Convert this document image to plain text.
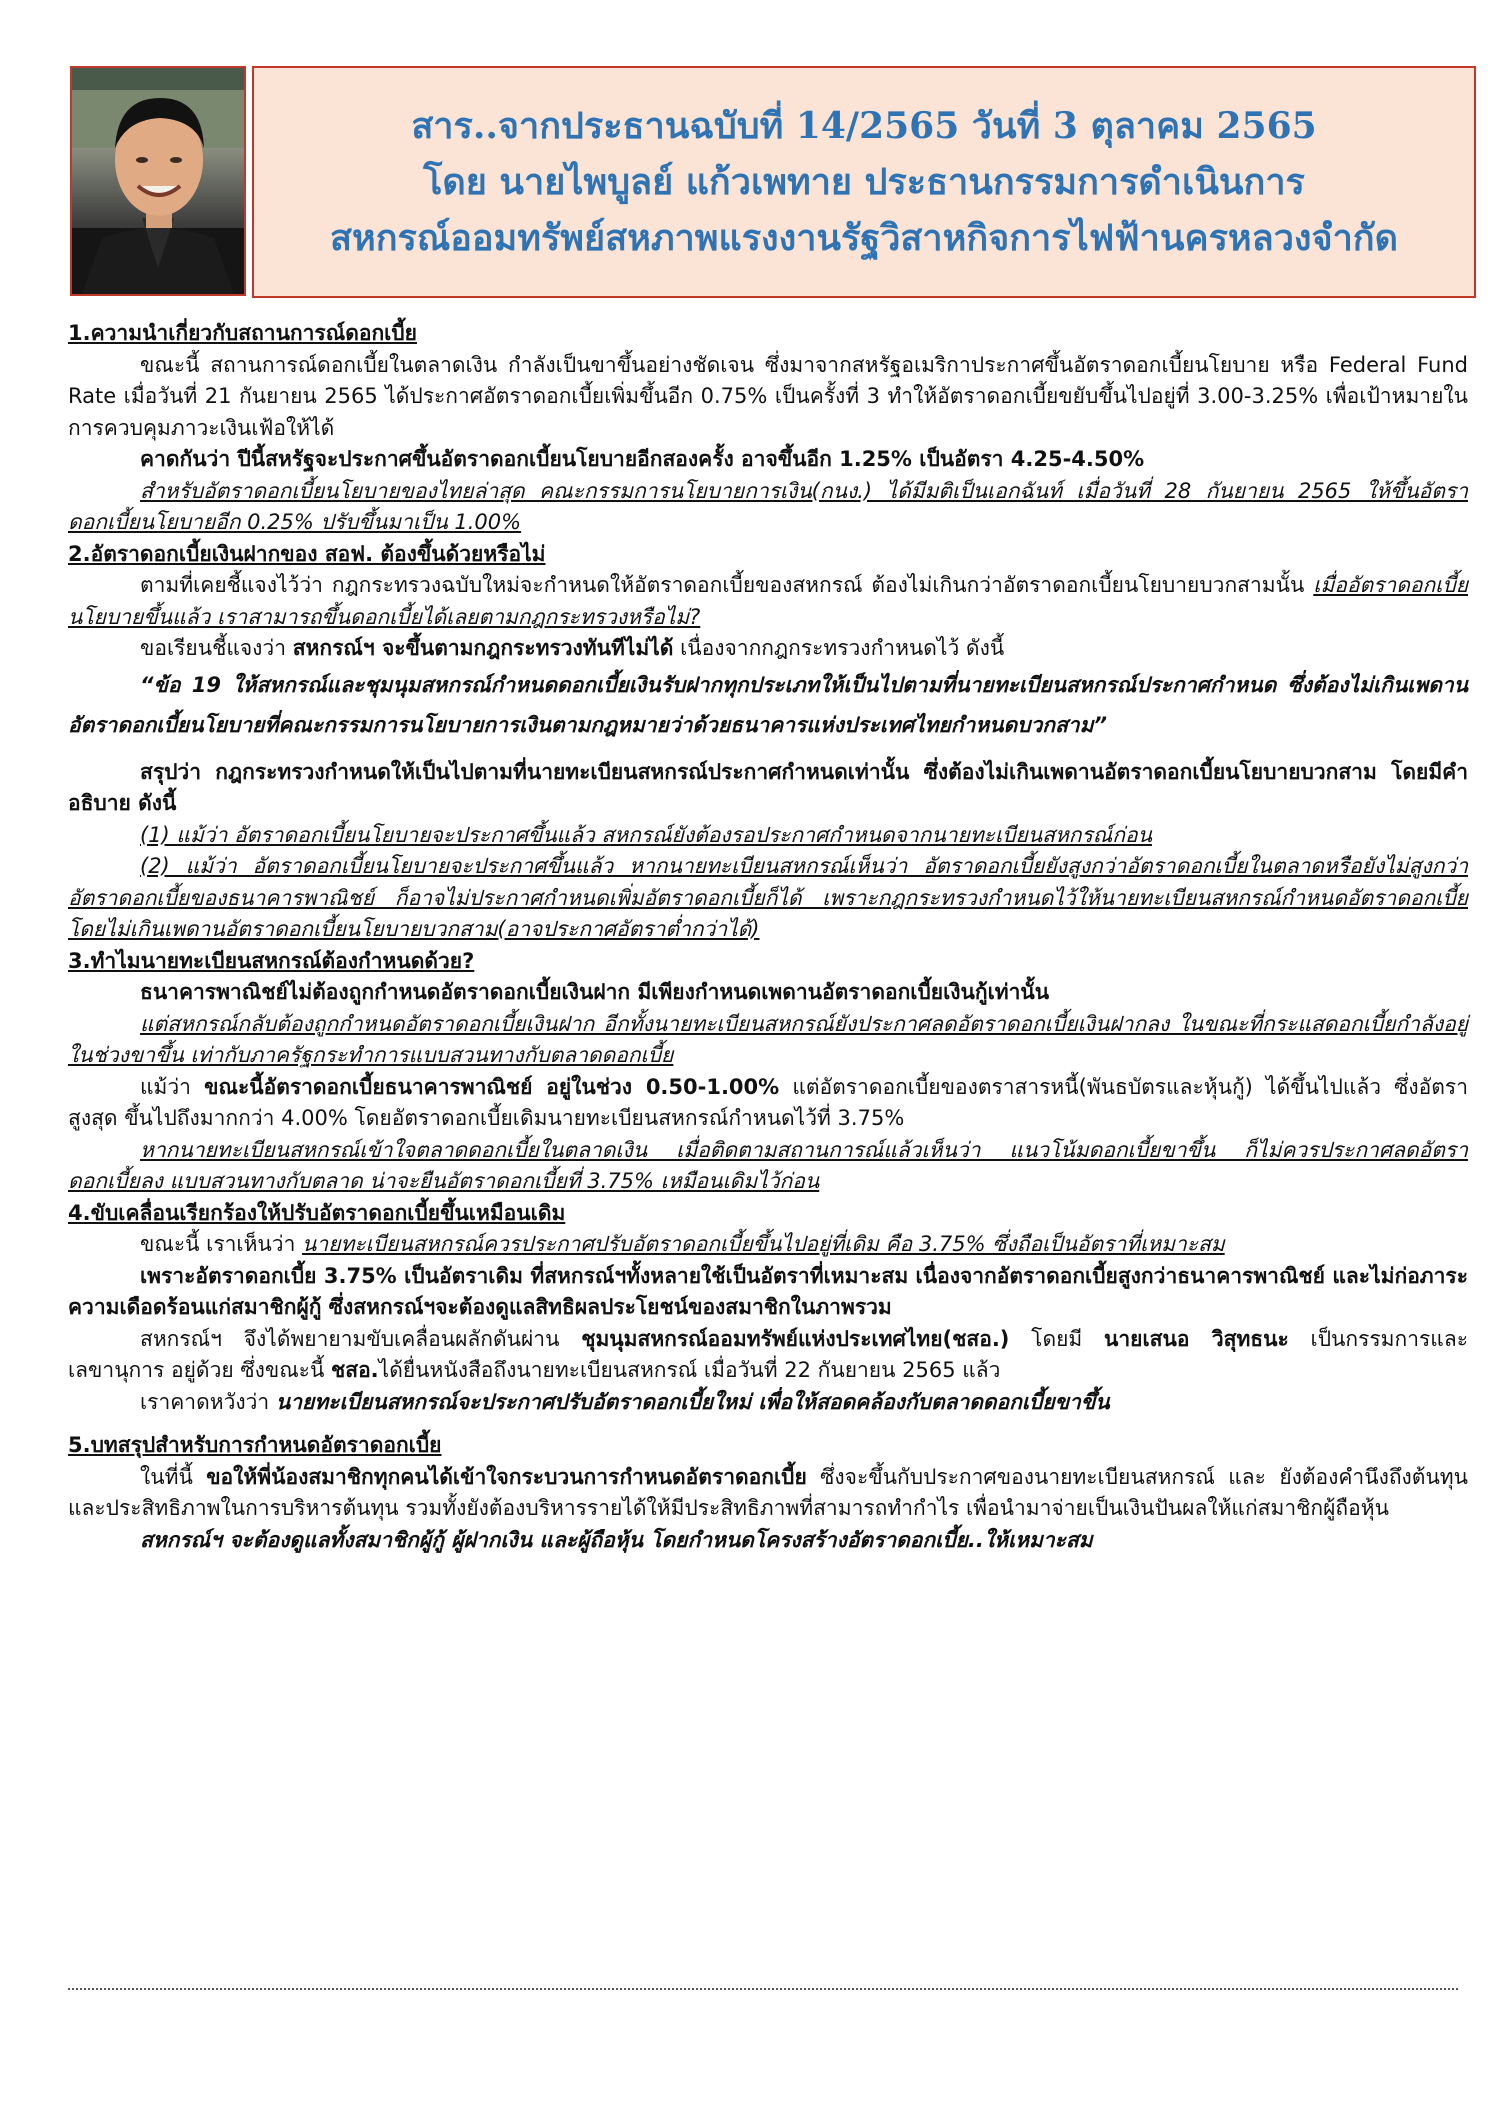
สาร..จากประธานฉบับที่ 14/2565 วันที่ 3 ตุลาคม 2565
โดย นายไพบูลย์ แก้วเพทาย ประธานกรรมการดำเนินการ
สหกรณ์ออมทรัพย์สหภาพแรงงานรัฐวิสาหกิจการไฟฟ้านครหลวงจำกัด

1.ความนำเกี่ยวกับสถานการณ์ดอกเบี้ย

ขณะนี้ สถานการณ์ดอกเบี้ยในตลาดเงิน กำลังเป็นขาขึ้นอย่างชัดเจน ซึ่งมาจากสหรัฐอเมริกาประกาศขึ้นอัตราดอกเบี้ยนโยบาย หรือ Federal Fund Rate เมื่อวันที่ 21 กันยายน 2565 ได้ประกาศอัตราดอกเบี้ยเพิ่มขึ้นอีก 0.75% เป็นครั้งที่ 3 ทำให้อัตราดอกเบี้ยขยับขึ้นไปอยู่ที่ 3.00-3.25% เพื่อเป้าหมายในการควบคุมภาวะเงินเฟ้อให้ได้

คาดกันว่า ปีนี้สหรัฐจะประกาศขึ้นอัตราดอกเบี้ยนโยบายอีกสองครั้ง อาจขึ้นอีก 1.25% เป็นอัตรา 4.25-4.50%

สำหรับอัตราดอกเบี้ยนโยบายของไทยล่าสุด คณะกรรมการนโยบายการเงิน(กนง.) ได้มีมติเป็นเอกฉันท์ เมื่อวันที่ 28 กันยายน 2565 ให้ขึ้นอัตราดอกเบี้ยนโยบายอีก 0.25% ปรับขึ้นมาเป็น 1.00%

2.อัตราดอกเบี้ยเงินฝากของ สอฟ. ต้องขึ้นด้วยหรือไม่

ตามที่เคยชี้แจงไว้ว่า กฎกระทรวงฉบับใหม่จะกำหนดให้อัตราดอกเบี้ยของสหกรณ์ ต้องไม่เกินกว่าอัตราดอกเบี้ยนโยบายบวกสามนั้น เมื่ออัตราดอกเบี้ยนโยบายขึ้นแล้ว เราสามารถขึ้นดอกเบี้ยได้เลยตามกฎกระทรวงหรือไม่?

ขอเรียนชี้แจงว่า สหกรณ์ฯ จะขึ้นตามกฎกระทรวงทันทีไม่ได้ เนื่องจากกฎกระทรวงกำหนดไว้ ดังนี้

“ข้อ 19 ให้สหกรณ์และชุมนุมสหกรณ์กำหนดดอกเบี้ยเงินรับฝากทุกประเภทให้เป็นไปตามที่นายทะเบียนสหกรณ์ประกาศกำหนด ซึ่งต้องไม่เกินเพดานอัตราดอกเบี้ยนโยบายที่คณะกรรมการนโยบายการเงินตามกฎหมายว่าด้วยธนาคารแห่งประเทศไทยกำหนดบวกสาม”

สรุปว่า กฎกระทรวงกำหนดให้เป็นไปตามที่นายทะเบียนสหกรณ์ประกาศกำหนดเท่านั้น ซึ่งต้องไม่เกินเพดานอัตราดอกเบี้ยนโยบายบวกสาม โดยมีคำอธิบาย ดังนี้

(1) แม้ว่า อัตราดอกเบี้ยนโยบายจะประกาศขึ้นแล้ว สหกรณ์ยังต้องรอประกาศกำหนดจากนายทะเบียนสหกรณ์ก่อน

(2) แม้ว่า อัตราดอกเบี้ยนโยบายจะประกาศขึ้นแล้ว หากนายทะเบียนสหกรณ์เห็นว่า อัตราดอกเบี้ยยังสูงกว่าอัตราดอกเบี้ยในตลาดหรือยังไม่สูงกว่าอัตราดอกเบี้ยของธนาคารพาณิชย์ ก็อาจไม่ประกาศกำหนดเพิ่มอัตราดอกเบี้ยก็ได้ เพราะกฎกระทรวงกำหนดไว้ให้นายทะเบียนสหกรณ์กำหนดอัตราดอกเบี้ยโดยไม่เกินเพดานอัตราดอกเบี้ยนโยบายบวกสาม(อาจประกาศอัตราต่ำกว่าได้)

3.ทำไมนายทะเบียนสหกรณ์ต้องกำหนดด้วย?

ธนาคารพาณิชย์ไม่ต้องถูกกำหนดอัตราดอกเบี้ยเงินฝาก มีเพียงกำหนดเพดานอัตราดอกเบี้ยเงินกู้เท่านั้น

แต่สหกรณ์กลับต้องถูกกำหนดอัตราดอกเบี้ยเงินฝาก อีกทั้งนายทะเบียนสหกรณ์ยังประกาศลดอัตราดอกเบี้ยเงินฝากลง ในขณะที่กระแสดอกเบี้ยกำลังอยู่ในช่วงขาขึ้น เท่ากับภาครัฐกระทำการแบบสวนทางกับตลาดดอกเบี้ย

แม้ว่า ขณะนี้อัตราดอกเบี้ยธนาคารพาณิชย์ อยู่ในช่วง 0.50-1.00% แต่อัตราดอกเบี้ยของตราสารหนี้(พันธบัตรและหุ้นกู้) ได้ขึ้นไปแล้ว ซึ่งอัตราสูงสุด ขึ้นไปถึงมากกว่า 4.00% โดยอัตราดอกเบี้ยเดิมนายทะเบียนสหกรณ์กำหนดไว้ที่ 3.75%

หากนายทะเบียนสหกรณ์เข้าใจตลาดดอกเบี้ยในตลาดเงิน เมื่อติดตามสถานการณ์แล้วเห็นว่า แนวโน้มดอกเบี้ยขาขึ้น ก็ไม่ควรประกาศลดอัตราดอกเบี้ยลง แบบสวนทางกับตลาด น่าจะยืนอัตราดอกเบี้ยที่ 3.75% เหมือนเดิมไว้ก่อน

4.ขับเคลื่อนเรียกร้องให้ปรับอัตราดอกเบี้ยขึ้นเหมือนเดิม

ขณะนี้ เราเห็นว่า นายทะเบียนสหกรณ์ควรประกาศปรับอัตราดอกเบี้ยขึ้นไปอยู่ที่เดิม คือ 3.75% ซึ่งถือเป็นอัตราที่เหมาะสม

เพราะอัตราดอกเบี้ย 3.75% เป็นอัตราเดิม ที่สหกรณ์ฯทั้งหลายใช้เป็นอัตราที่เหมาะสม เนื่องจากอัตราดอกเบี้ยสูงกว่าธนาคารพาณิชย์ และไม่ก่อภาระความเดือดร้อนแก่สมาชิกผู้กู้ ซึ่งสหกรณ์ฯจะต้องดูแลสิทธิผลประโยชน์ของสมาชิกในภาพรวม

สหกรณ์ฯ จึงได้พยายามขับเคลื่อนผลักดันผ่าน ชุมนุมสหกรณ์ออมทรัพย์แห่งประเทศไทย(ชสอ.) โดยมี นายเสนอ วิสุทธนะ เป็นกรรมการและเลขานุการ อยู่ด้วย ซึ่งขณะนี้ ชสอ.ได้ยื่นหนังสือถึงนายทะเบียนสหกรณ์ เมื่อวันที่ 22 กันยายน 2565 แล้ว

เราคาดหวังว่า นายทะเบียนสหกรณ์จะประกาศปรับอัตราดอกเบี้ยใหม่ เพื่อให้สอดคล้องกับตลาดดอกเบี้ยขาขึ้น

5.บทสรุปสำหรับการกำหนดอัตราดอกเบี้ย

ในที่นี้ ขอให้พี่น้องสมาชิกทุกคนได้เข้าใจกระบวนการกำหนดอัตราดอกเบี้ย ซึ่งจะขึ้นกับประกาศของนายทะเบียนสหกรณ์ และ ยังต้องคำนึงถึงต้นทุนและประสิทธิภาพในการบริหารต้นทุน รวมทั้งยังต้องบริหารรายได้ให้มีประสิทธิภาพที่สามารถทำกำไร เพื่อนำมาจ่ายเป็นเงินปันผลให้แก่สมาชิกผู้ถือหุ้น

สหกรณ์ฯ จะต้องดูแลทั้งสมาชิกผู้กู้ ผู้ฝากเงิน และผู้ถือหุ้น โดยกำหนดโครงสร้างอัตราดอกเบี้ย..ให้เหมาะสม
